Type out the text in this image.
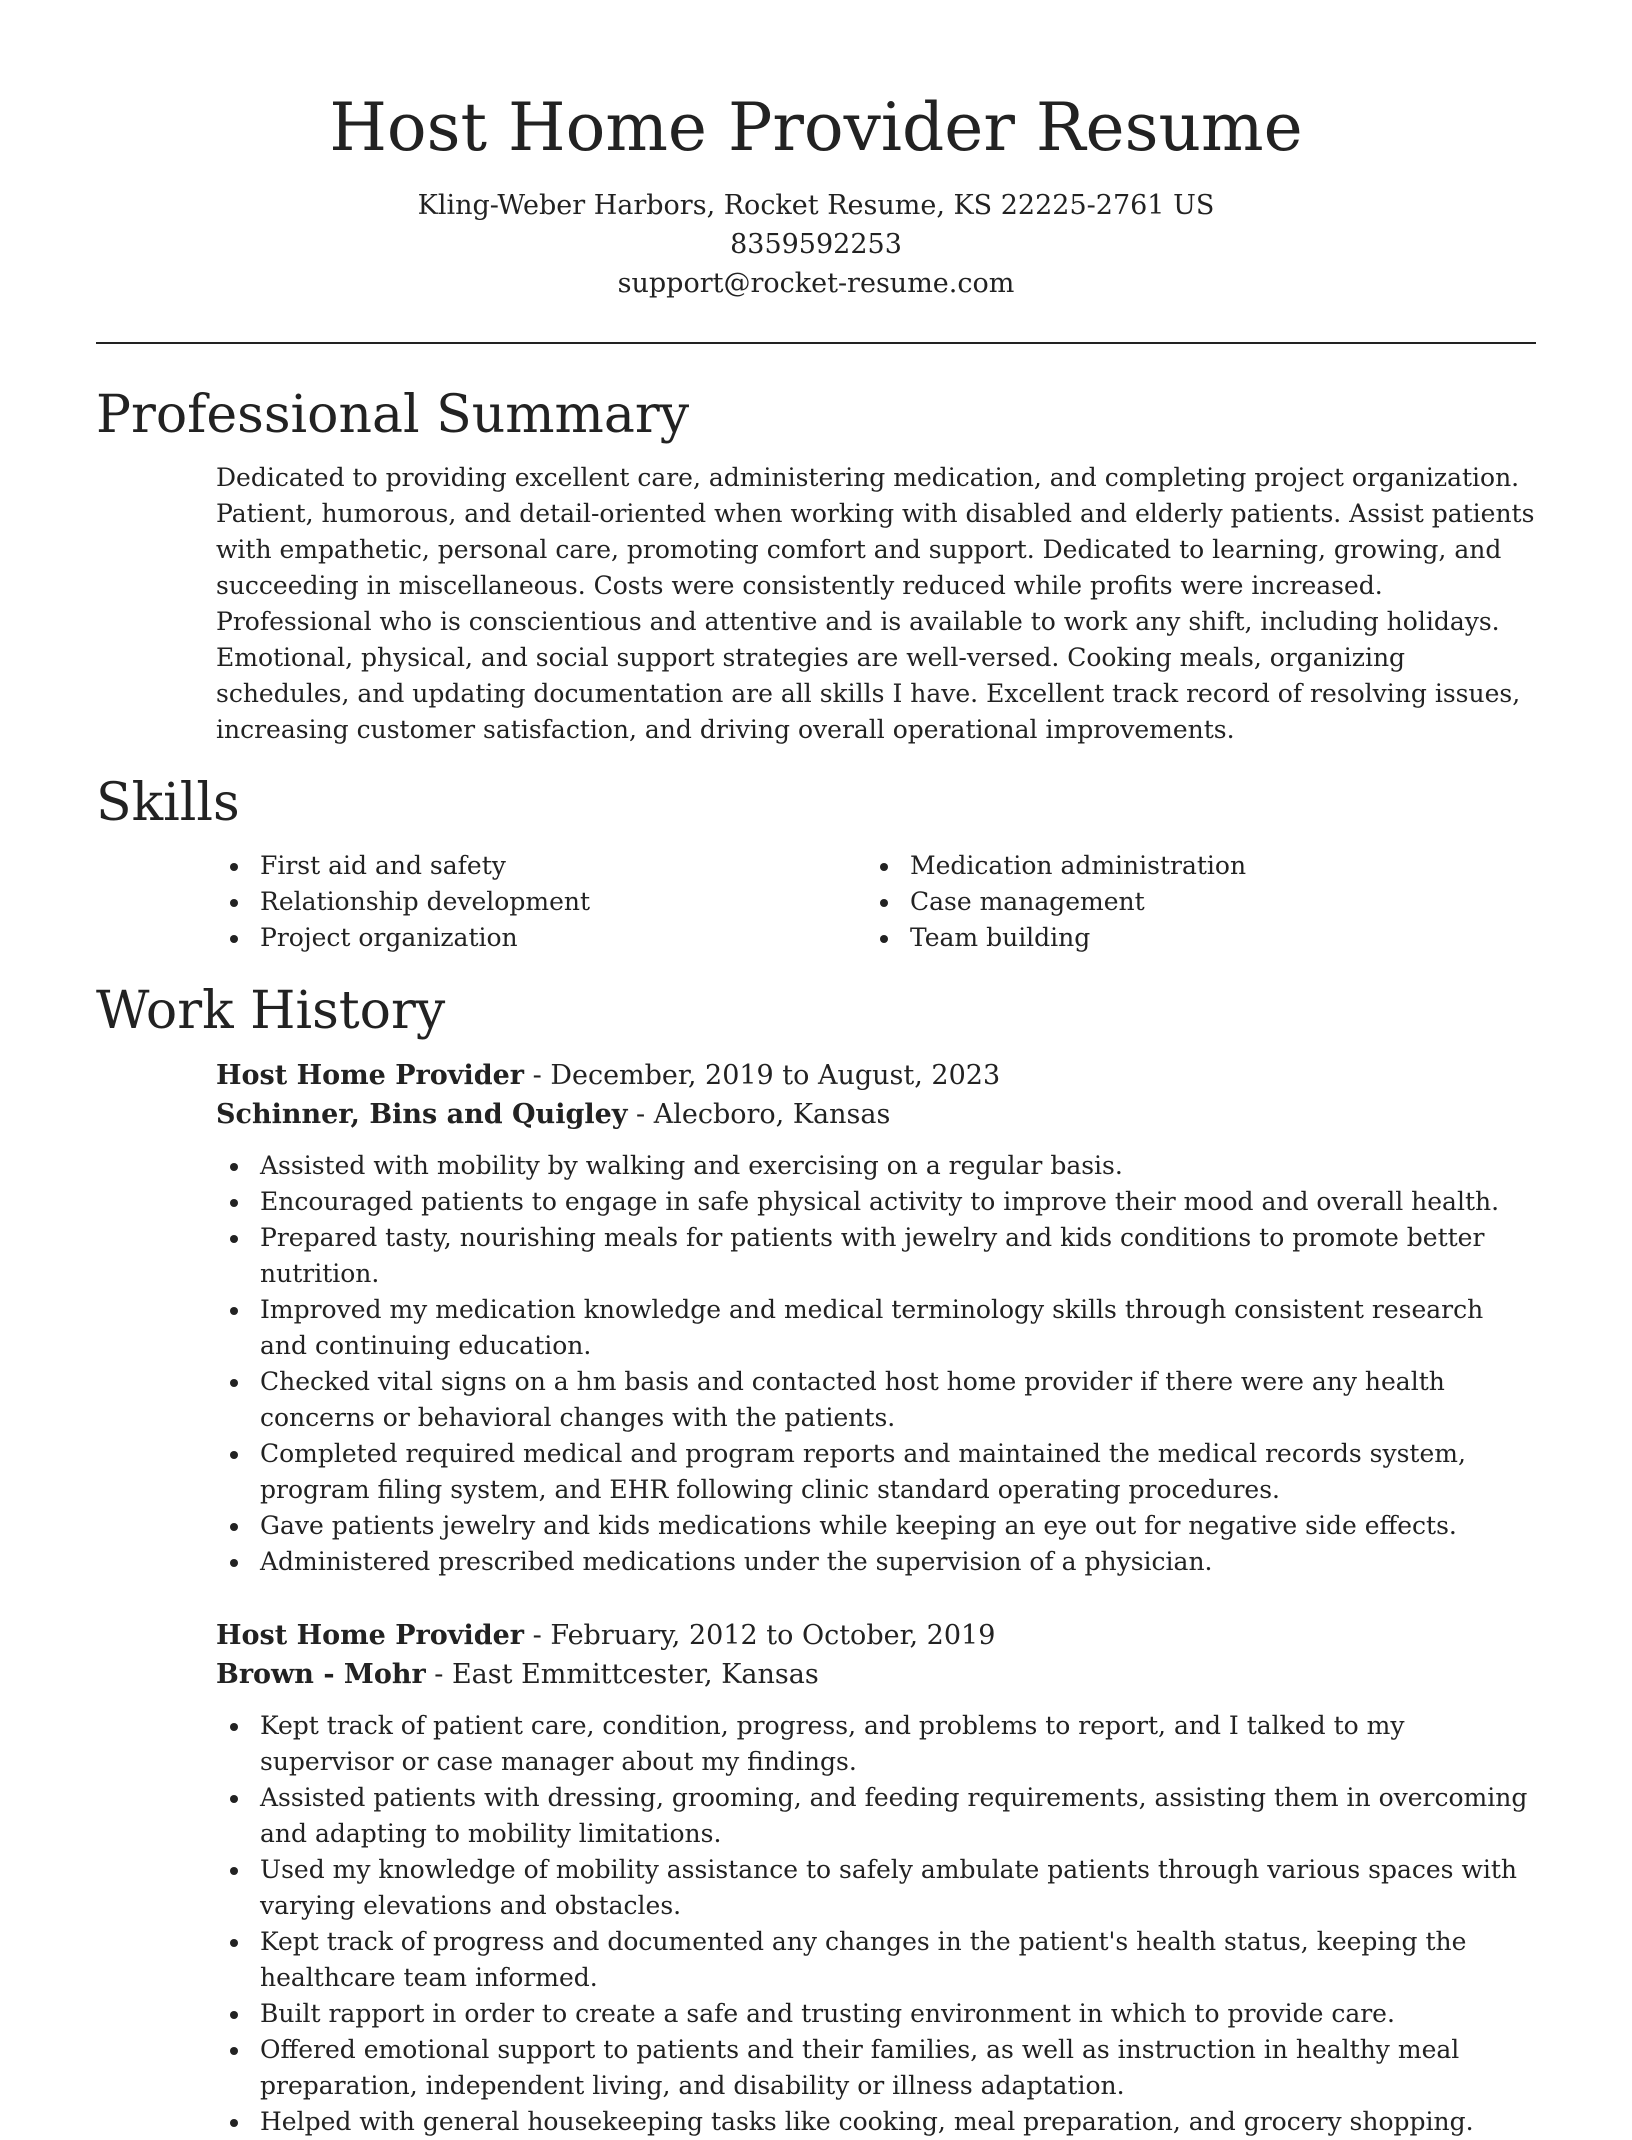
Host Home Provider Resume
Kling-Weber Harbors, Rocket Resume, KS 22225-2761 US
8359592253
support@rocket-resume.com
Professional Summary

Dedicated to providing excellent care, administering medication, and completing project organization. Patient, humorous, and detail-oriented when working with disabled and elderly patients. Assist patients with empathetic, personal care, promoting comfort and support. Dedicated to learning, growing, and succeeding in miscellaneous. Costs were consistently reduced while profits were increased. Professional who is conscientious and attentive and is available to work any shift, including holidays. Emotional, physical, and social support strategies are well-versed. Cooking meals, organizing schedules, and updating documentation are all skills I have. Excellent track record of resolving issues, increasing customer satisfaction, and driving overall operational improvements.

Skills
First aid and safety
Relationship development
Project organization
Medication administration
Case management
Team building
Work History
Host Home Provider - December, 2019 to August, 2023
Schinner, Bins and Quigley - Alecboro, Kansas
Assisted with mobility by walking and exercising on a regular basis.
Encouraged patients to engage in safe physical activity to improve their mood and overall health.
Prepared tasty, nourishing meals for patients with jewelry and kids conditions to promote better nutrition.
Improved my medication knowledge and medical terminology skills through consistent research and continuing education.
Checked vital signs on a hm basis and contacted host home provider if there were any health concerns or behavioral changes with the patients.
Completed required medical and program reports and maintained the medical records system, program filing system, and EHR following clinic standard operating procedures.
Gave patients jewelry and kids medications while keeping an eye out for negative side effects.
Administered prescribed medications under the supervision of a physician.
Host Home Provider - February, 2012 to October, 2019
Brown - Mohr - East Emmittcester, Kansas
Kept track of patient care, condition, progress, and problems to report, and I talked to my supervisor or case manager about my findings.
Assisted patients with dressing, grooming, and feeding requirements, assisting them in overcoming and adapting to mobility limitations.
Used my knowledge of mobility assistance to safely ambulate patients through various spaces with varying elevations and obstacles.
Kept track of progress and documented any changes in the patient's health status, keeping the healthcare team informed.
Built rapport in order to create a safe and trusting environment in which to provide care.
Offered emotional support to patients and their families, as well as instruction in healthy meal preparation, independent living, and disability or illness adaptation.
Helped with general housekeeping tasks like cooking, meal preparation, and grocery shopping.
